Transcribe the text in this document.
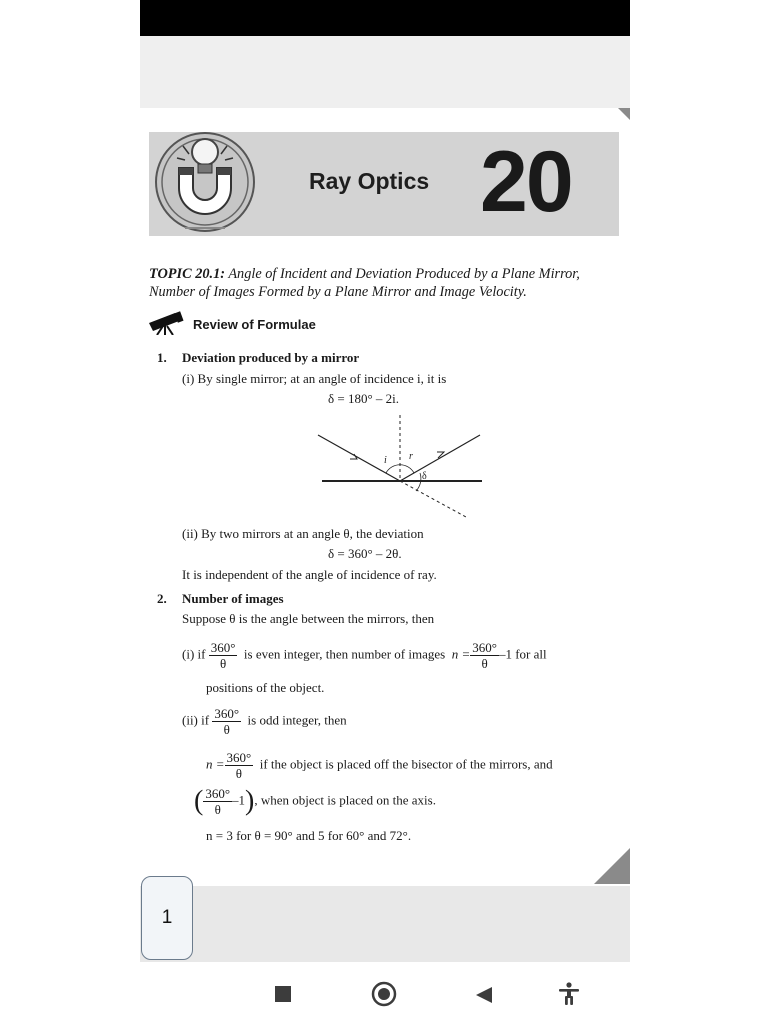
Ray Optics 20
TOPIC 20.1: Angle of Incident and Deviation Produced by a Plane Mirror, Number of Images Formed by a Plane Mirror and Image Velocity.
Review of Formulae
1. Deviation produced by a mirror
(i) By single mirror; at an angle of incidence i, it is
δ = 180° – 2i.
i r
δ
(ii) By two mirrors at an angle θ, the deviation
δ = 360° – 2θ.
It is independent of the angle of incidence of ray.
2. Number of images
Suppose θ is the angle between the mirrors, then
(i) if $\frac{360^\circ}{\theta}$ is even integer, then number of images $n = \frac{360^\circ}{\theta} -1$ for all
positions of the object.
(ii) if $\frac{360^\circ}{\theta}$ is odd integer, then
$n = \frac{360^\circ}{\theta}$ if the object is placed off the bisector of the mirrors, and
( $\frac{360^\circ}{\theta} -1$), when object is placed on the axis.
n = 3 for θ = 90° and 5 for 60° and 72°.
1
